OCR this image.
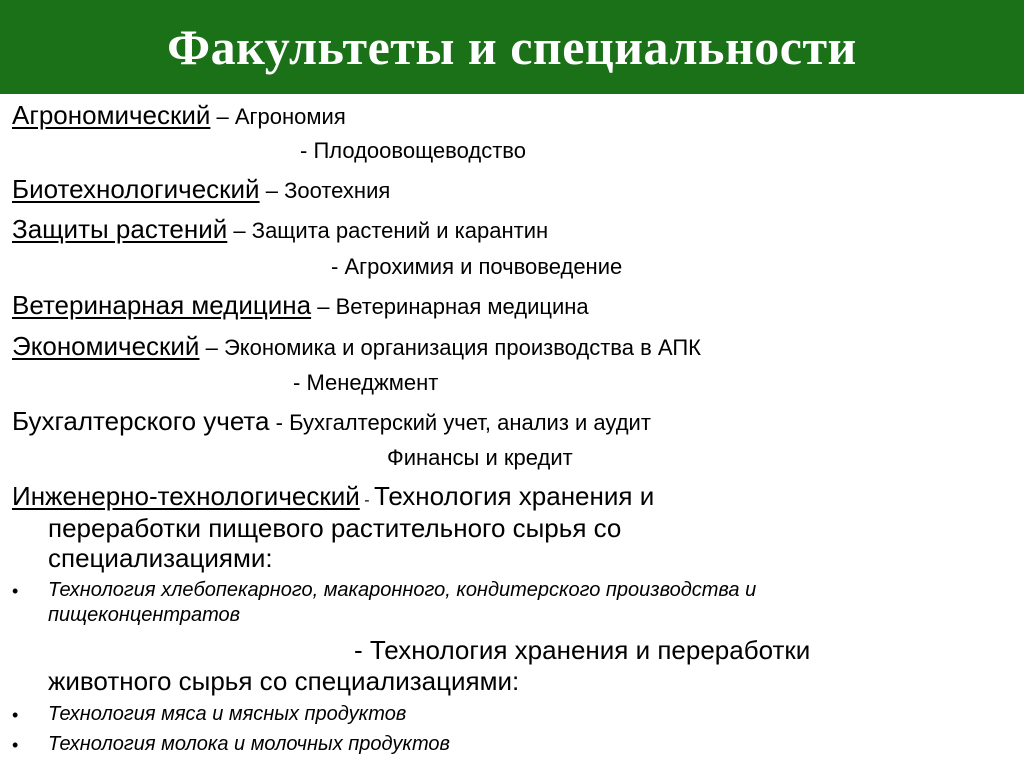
Факультеты и специальности
Агрономический – Агрономия
- Плодоовощеводство
Биотехнологический – Зоотехния
Защиты растений – Защита растений и карантин
- Агрохимия и почвоведение
Ветеринарная медицина – Ветеринарная медицина
Экономический – Экономика и организация производства в АПК
- Менеджмент
Бухгалтерского учета - Бухгалтерский учет, анализ и аудит
Финансы и кредит
Инженерно-технологический - Технология хранения и
переработки пищевого растительного сырья со
специализациями:
• Технология хлебопекарного, макаронного, кондитерского производства и
пищеконцентратов
- Технология хранения и переработки
животного сырья со специализациями:
• Технология мяса и мясных продуктов
• Технология молока и молочных продуктов
